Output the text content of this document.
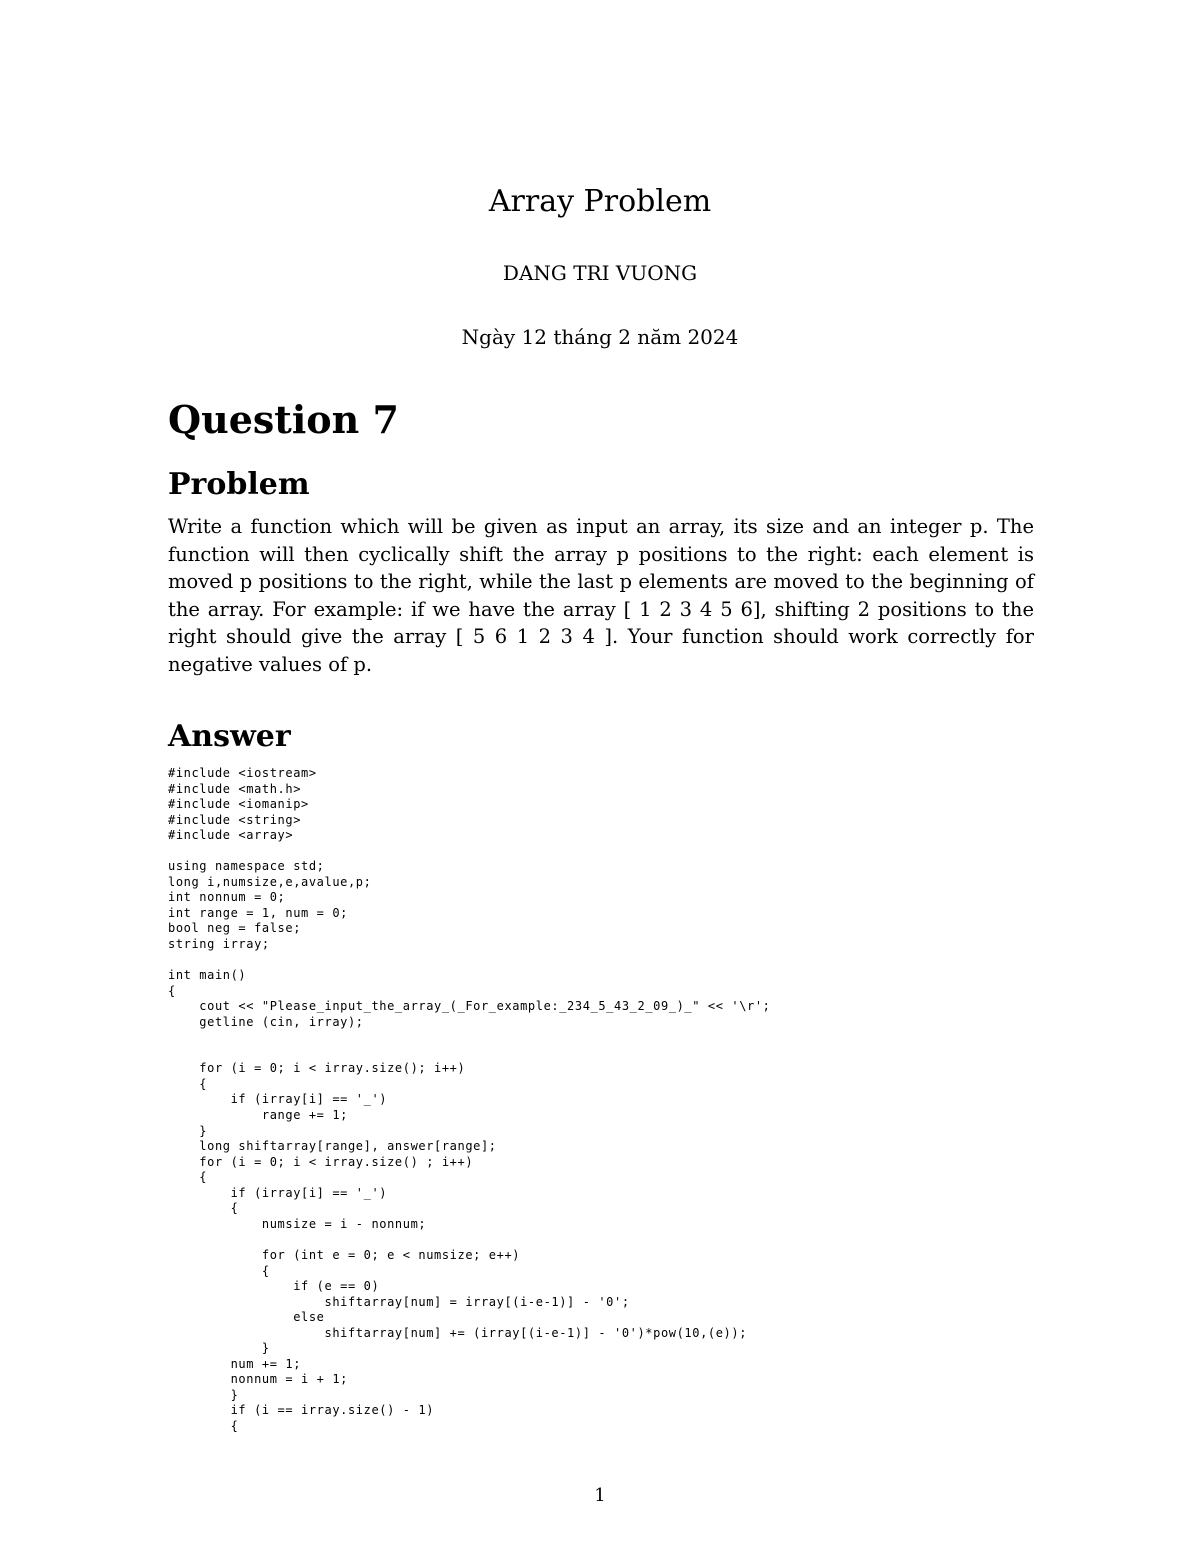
Array Problem
DANG TRI VUONG
Ngày 12 tháng 2 năm 2024
Question 7
Problem

Write a function which will be given as input an array, its size and an integer p. The function will then cyclically shift the array p positions to the right: each element is moved p positions to the right, while the last p elements are moved to the beginning of the array. For example: if we have the array [ 1 2 3 4 5 6], shifting 2 positions to the right should give the array [ 5 6 1 2 3 4 ]. Your function should work correctly for negative values of p.

Answer
#include <iostream>
#include <math.h>
#include <iomanip>
#include <string>
#include <array>
using namespace std;
long i,numsize,e,avalue,p;
int nonnum = 0;
int range = 1, num = 0;
bool neg = false;
string irray;
int main()
{
cout << "Please_input_the_array_(_For_example:_234_5_43_2_09_)_" << '\r';
getline (cin, irray);
for (i = 0; i < irray.size(); i++)
{
if (irray[i] == '_')
range += 1;
}
long shiftarray[range], answer[range];
for (i = 0; i < irray.size() ; i++)
{
if (irray[i] == '_')
{
numsize = i - nonnum;
for (int e = 0; e < numsize; e++)
{
if (e == 0)
shiftarray[num] = irray[(i-e-1)] - '0';
else
shiftarray[num] += (irray[(i-e-1)] - '0')*pow(10,(e));
}
num += 1;
nonnum = i + 1;
}
if (i == irray.size() - 1)
{
1
